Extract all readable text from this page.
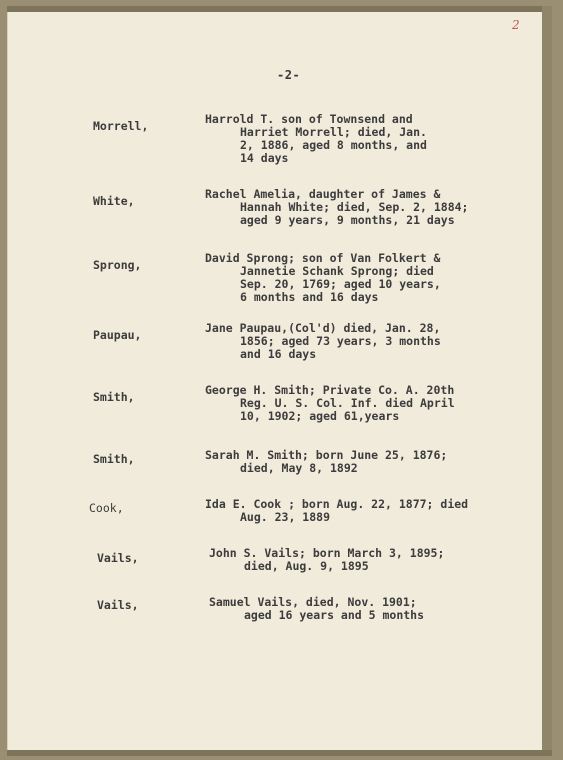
2
-2-
Morrell,	Harrold T. son of Townsend and
Harriet Morrell; died, Jan.
2, 1886, aged 8 months, and
14 days
White,	Rachel Amelia, daughter of James &
Hannah White; died, Sep. 2, 1884;
aged 9 years, 9 months, 21 days
Sprong,	David Sprong; son of Van Folkert &
Jannetie Schank Sprong; died
Sep. 20, 1769; aged 10 years,
6 months and 16 days
Paupau,	Jane Paupau,(Col'd) died, Jan. 28,
1856; aged 73 years, 3 months
and 16 days
Smith,	George H. Smith; Private Co. A. 20th
Reg. U. S. Col. Inf. died April
10, 1902; aged 61,years
Smith,	Sarah M. Smith; born June 25, 1876;
died, May 8, 1892
Cook,	Ida E. Cook ; born Aug. 22, 1877; died
Aug. 23, 1889
Vails,	John S. Vails; born March 3, 1895;
died, Aug. 9, 1895
Vails,	Samuel Vails, died, Nov. 1901;
aged 16 years and 5 months
